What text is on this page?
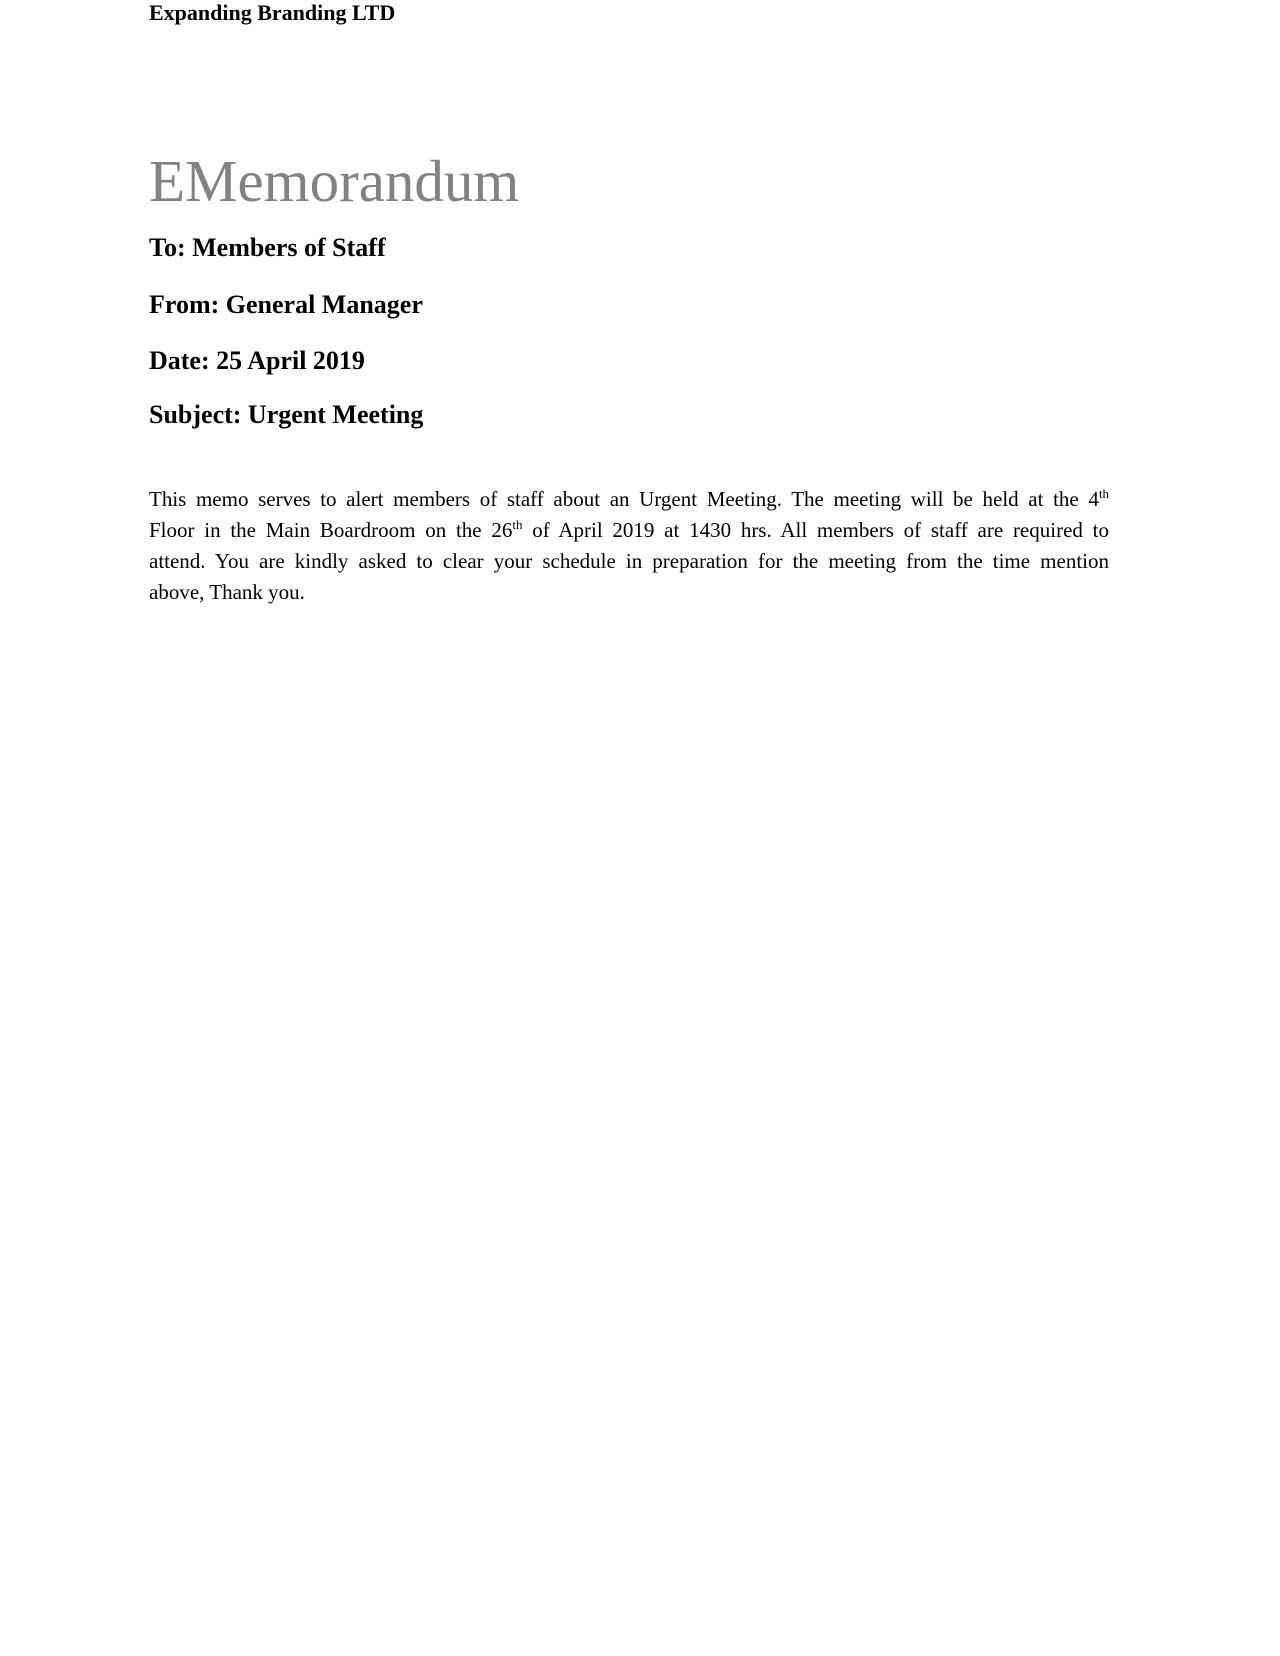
Expanding Branding LTD
EMemorandum
To: Members of Staff
From: General Manager
Date: 25 April 2019
Subject: Urgent Meeting
This memo serves to alert members of staff about an Urgent Meeting. The meeting will be held at the 4th
Floor in the Main Boardroom on the 26th of April 2019 at 1430 hrs. All members of staff are required to
attend. You are kindly asked to clear your schedule in preparation for the meeting from the time mention
above, Thank you.
